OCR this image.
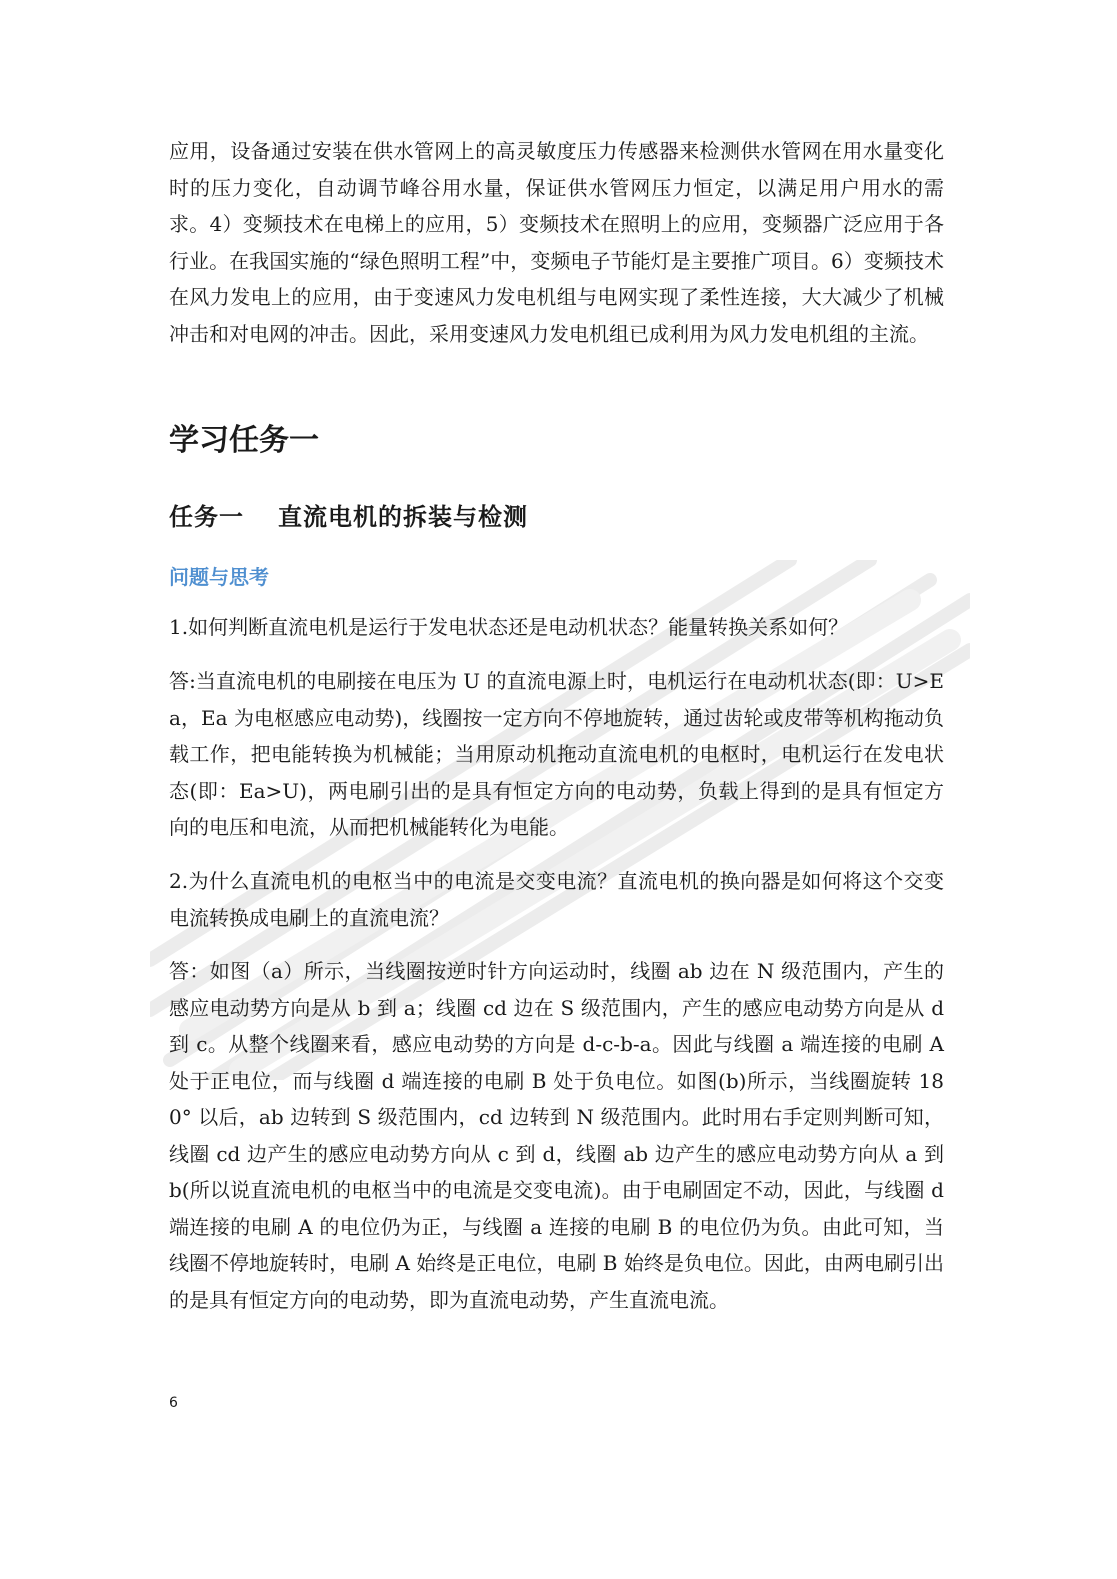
应用，设备通过安装在供水管网上的高灵敏度压力传感器来检测供水管网在用水量变化时的压力变化，自动调节峰谷用水量，保证供水管网压力恒定，以满足用户用水的需求。4）变频技术在电梯上的应用，5）变频技术在照明上的应用，变频器广泛应用于各行业。在我国实施的“绿色照明工程”中，变频电子节能灯是主要推广项目。6）变频技术在风力发电上的应用，由于变速风力发电机组与电网实现了柔性连接，大大减少了机械冲击和对电网的冲击。因此，采用变速风力发电机组已成利用为风力发电机组的主流。

学习任务一
任务一 直流电机的拆装与检测
问题与思考

1.如何判断直流电机是运行于发电状态还是电动机状态？能量转换关系如何？

答:当直流电机的电刷接在电压为 U 的直流电源上时，电机运行在电动机状态(即：U>Ea，Ea 为电枢感应电动势)，线圈按一定方向不停地旋转，通过齿轮或皮带等机构拖动负载工作，把电能转换为机械能；当用原动机拖动直流电机的电枢时，电机运行在发电状态(即：Ea>U)，两电刷引出的是具有恒定方向的电动势，负载上得到的是具有恒定方向的电压和电流，从而把机械能转化为电能。

2.为什么直流电机的电枢当中的电流是交变电流？直流电机的换向器是如何将这个交变电流转换成电刷上的直流电流？

答：如图（a）所示，当线圈按逆时针方向运动时，线圈 ab 边在 N 级范围内，产生的感应电动势方向是从 b 到 a；线圈 cd 边在 S 级范围内，产生的感应电动势方向是从 d 到 c。从整个线圈来看，感应电动势的方向是 d-c-b-a。因此与线圈 a 端连接的电刷 A 处于正电位，而与线圈 d 端连接的电刷 B 处于负电位。如图(b)所示，当线圈旋转 180° 以后，ab 边转到 S 级范围内，cd 边转到 N 级范围内。此时用右手定则判断可知，线圈 cd 边产生的感应电动势方向从 c 到 d，线圈 ab 边产生的感应电动势方向从 a 到 b(所以说直流电机的电枢当中的电流是交变电流)。由于电刷固定不动，因此，与线圈 d 端连接的电刷 A 的电位仍为正，与线圈 a 连接的电刷 B 的电位仍为负。由此可知，当线圈不停地旋转时，电刷 A 始终是正电位，电刷 B 始终是负电位。因此，由两电刷引出的是具有恒定方向的电动势，即为直流电动势，产生直流电流。

6
